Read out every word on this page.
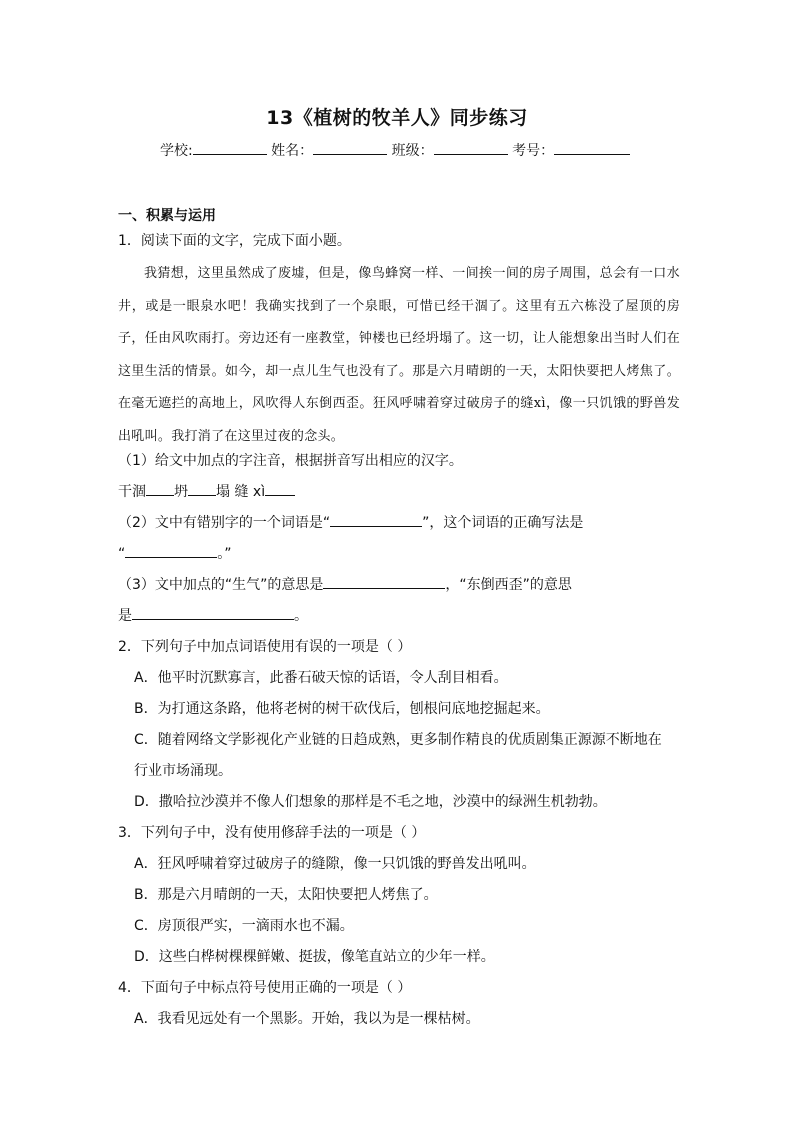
13《植树的牧羊人》同步练习
学校:	姓名：	班级：	考号：
一、积累与运用
1．阅读下面的文字，完成下面小题。
我猜想，这里虽然成了废墟，但是，像鸟蜂窝一样、一间挨一间的房子周围，总会有一口水井，或是一眼泉水吧！我确实找到了一个泉眼，可惜已经干涸了。这里有五六栋没了屋顶的房子，任由风吹雨打。旁边还有一座教堂，钟楼也已经坍塌了。这一切，让人能想象出当时人们在这里生活的情景。如今，却一点儿生气也没有了。那是六月晴朗的一天，太阳快要把人烤焦了。在毫无遮拦的高地上，风吹得人东倒西歪。狂风呼啸着穿过破房子的缝xì，像一只饥饿的野兽发出吼叫。我打消了在这里过夜的念头。
（1）给文中加点的字注音，根据拼音写出相应的汉字。
干涸 坍 塌 缝 xì
（2）文中有错别字的一个词语是“	”，这个词语的正确写法是
“	。”
（3）文中加点的“生气”的意思是	，“东倒西歪”的意思
是	。
2．下列句子中加点词语使用有误的一项是（ ）
A．他平时沉默寡言，此番石破天惊的话语，令人刮目相看。
B．为打通这条路，他将老树的树干砍伐后，刨根问底地挖掘起来。
C．随着网络文学影视化产业链的日趋成熟，更多制作精良的优质剧集正源源不断地在
行业市场涌现。
D．撒哈拉沙漠并不像人们想象的那样是不毛之地，沙漠中的绿洲生机勃勃。
3．下列句子中，没有使用修辞手法的一项是（ ）
A．狂风呼啸着穿过破房子的缝隙，像一只饥饿的野兽发出吼叫。
B．那是六月晴朗的一天，太阳快要把人烤焦了。
C．房顶很严实，一滴雨水也不漏。
D．这些白桦树棵棵鲜嫩、挺拔，像笔直站立的少年一样。
4．下面句子中标点符号使用正确的一项是（ ）
A．我看见远处有一个黑影。开始，我以为是一棵枯树。
